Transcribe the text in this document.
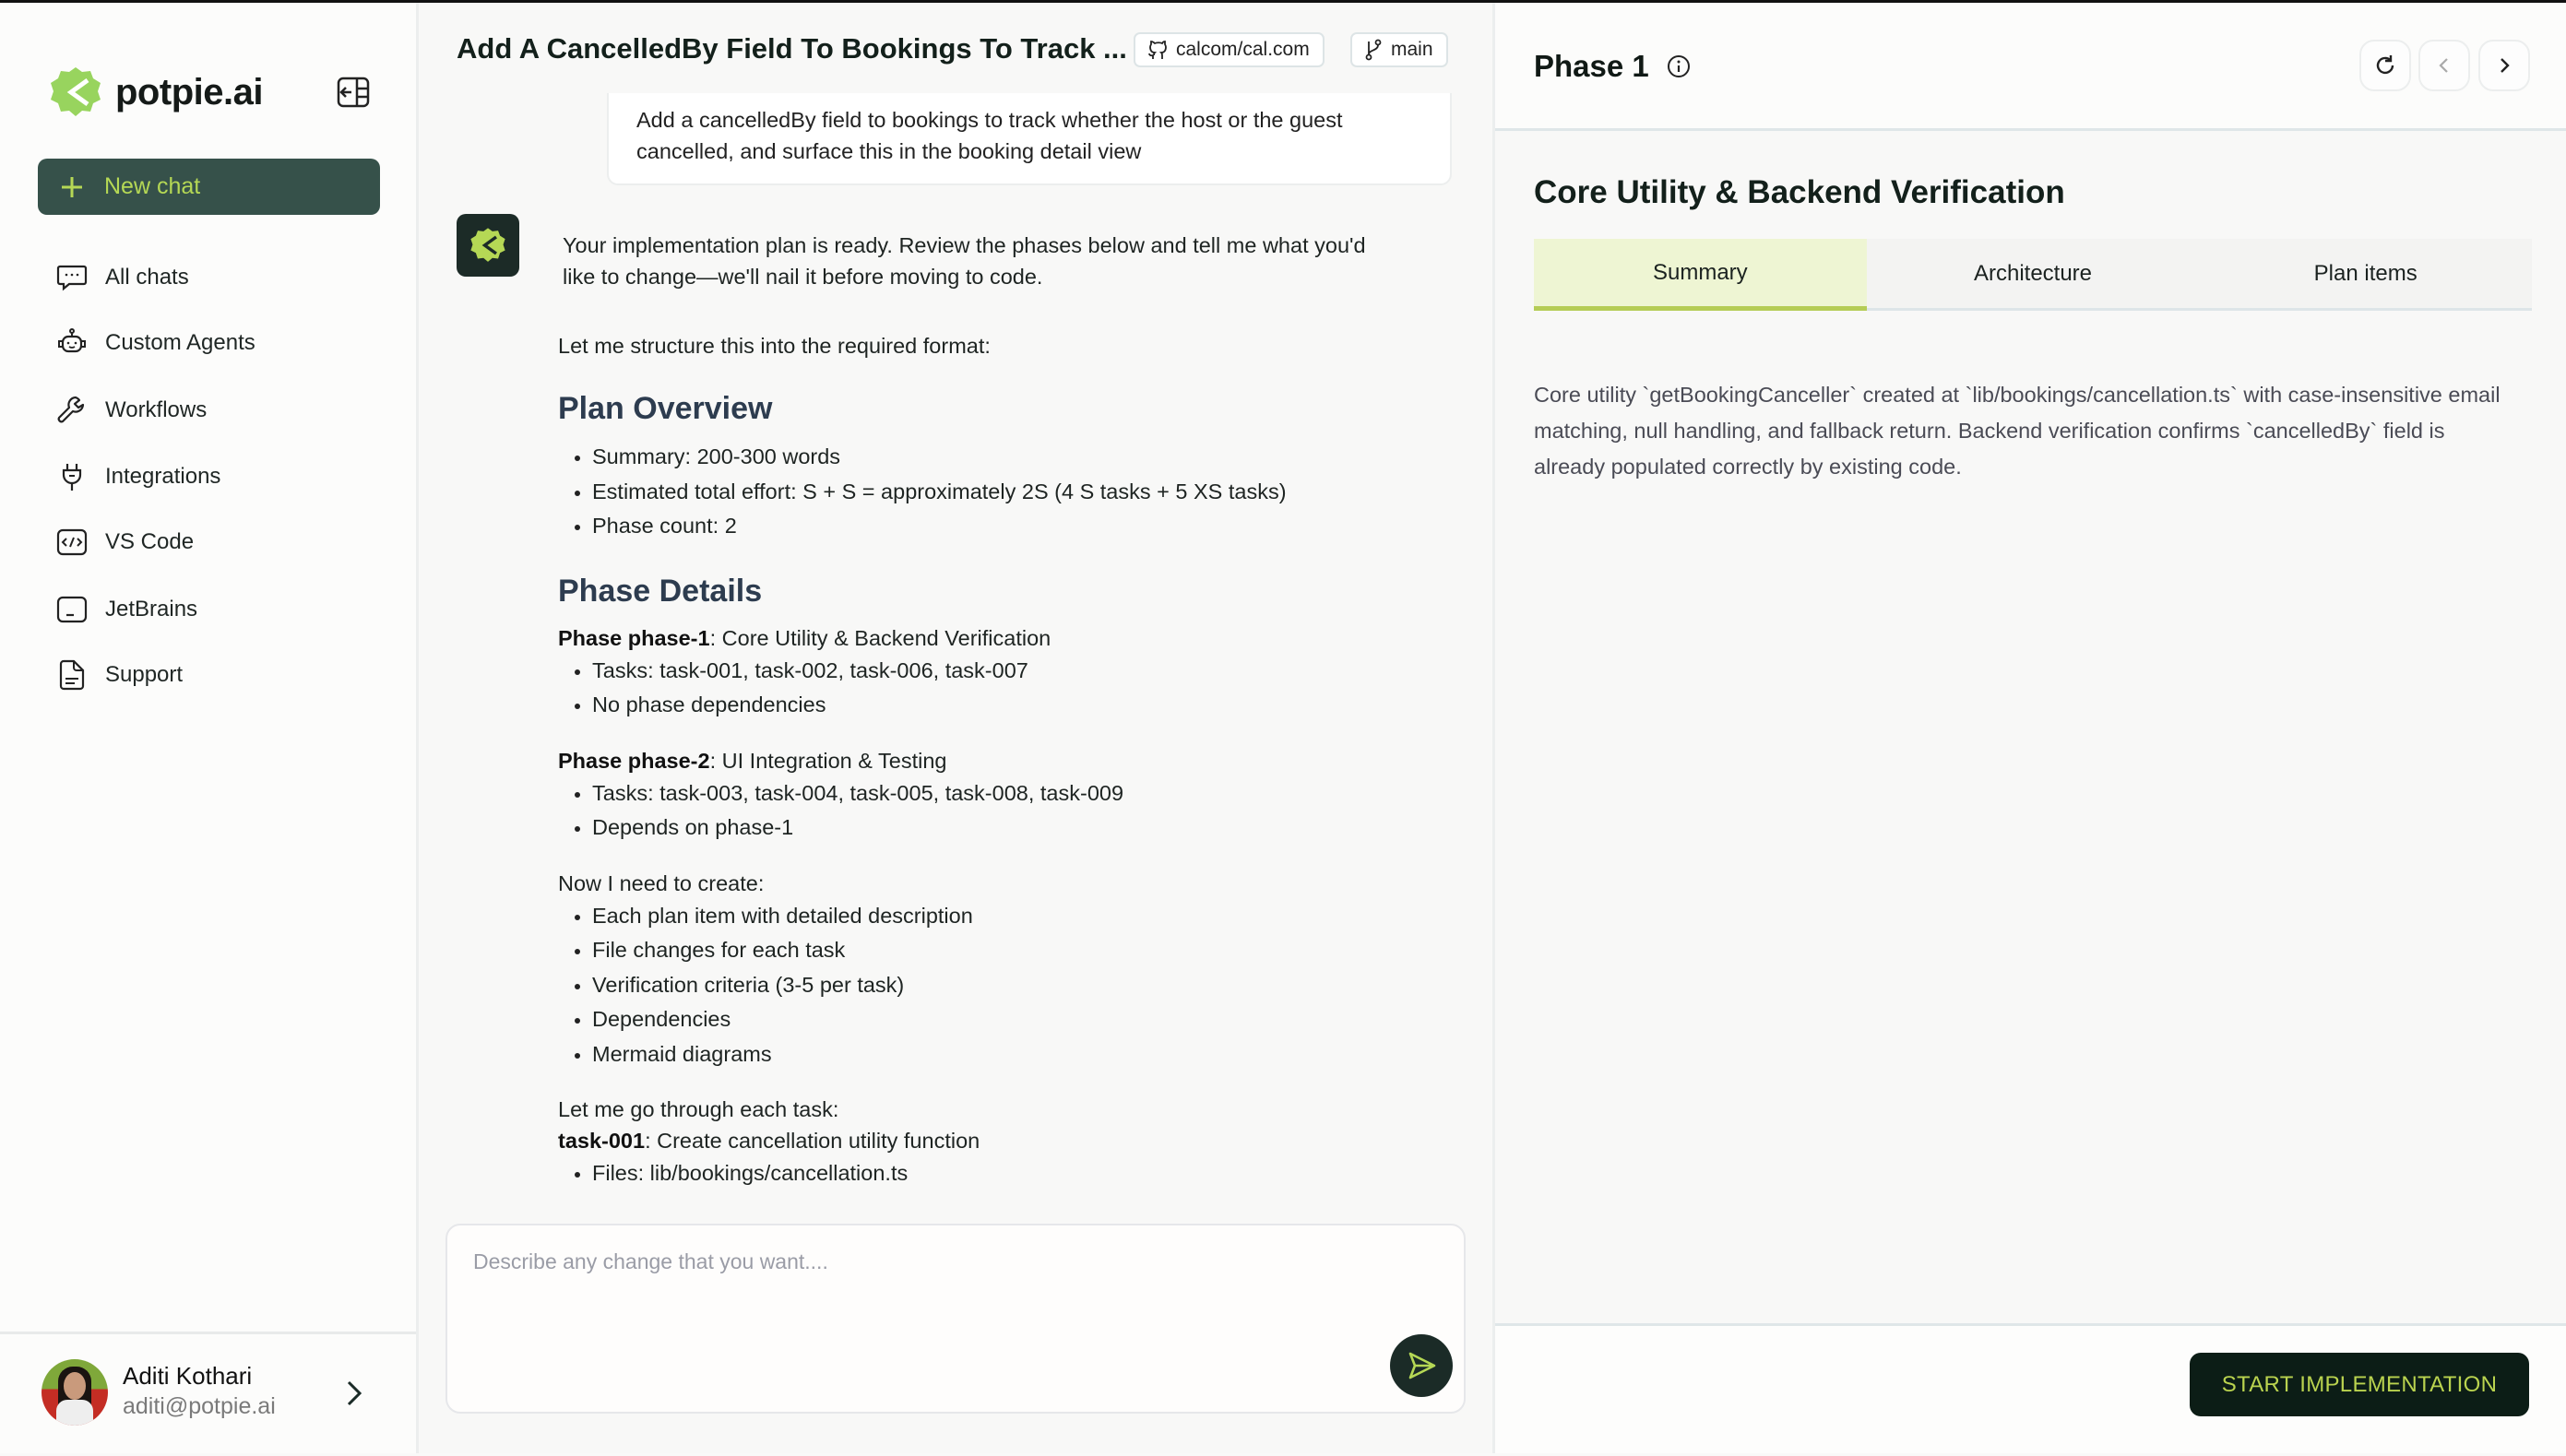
potpie.ai
New chat
All chats
Custom Agents
Workflows
Integrations
VS Code
JetBrains
Support
Aditi Kothari
aditi@potpie.ai
Add A CancelledBy Field To Bookings To Track ...	calcom/cal.com	main
Add a cancelledBy field to bookings to track whether the host or the guest cancelled, and surface this in the booking detail view

Your implementation plan is ready. Review the phases below and tell me what you'd like to change—we'll nail it before moving to code.

Let me structure this into the required format:

Plan Overview
Summary: 200-300 words
Estimated total effort: S + S = approximately 2S (4 S tasks + 5 XS tasks)
Phase count: 2
Phase Details

Phase phase-1: Core Utility & Backend Verification

Tasks: task-001, task-002, task-006, task-007
No phase dependencies

Phase phase-2: UI Integration & Testing

Tasks: task-003, task-004, task-005, task-008, task-009
Depends on phase-1

Now I need to create:

Each plan item with detailed description
File changes for each task
Verification criteria (3-5 per task)
Dependencies
Mermaid diagrams

Let me go through each task:

task-001: Create cancellation utility function

Files: lib/bookings/cancellation.ts
Describe any change that you want....
Phase 1
Core Utility & Backend Verification
Summary	Architecture	Plan items

Core utility `getBookingCanceller` created at `lib/bookings/cancellation.ts` with case-insensitive email matching, null handling, and fallback return. Backend verification confirms `cancelledBy` field is already populated correctly by existing code.

START IMPLEMENTATION
